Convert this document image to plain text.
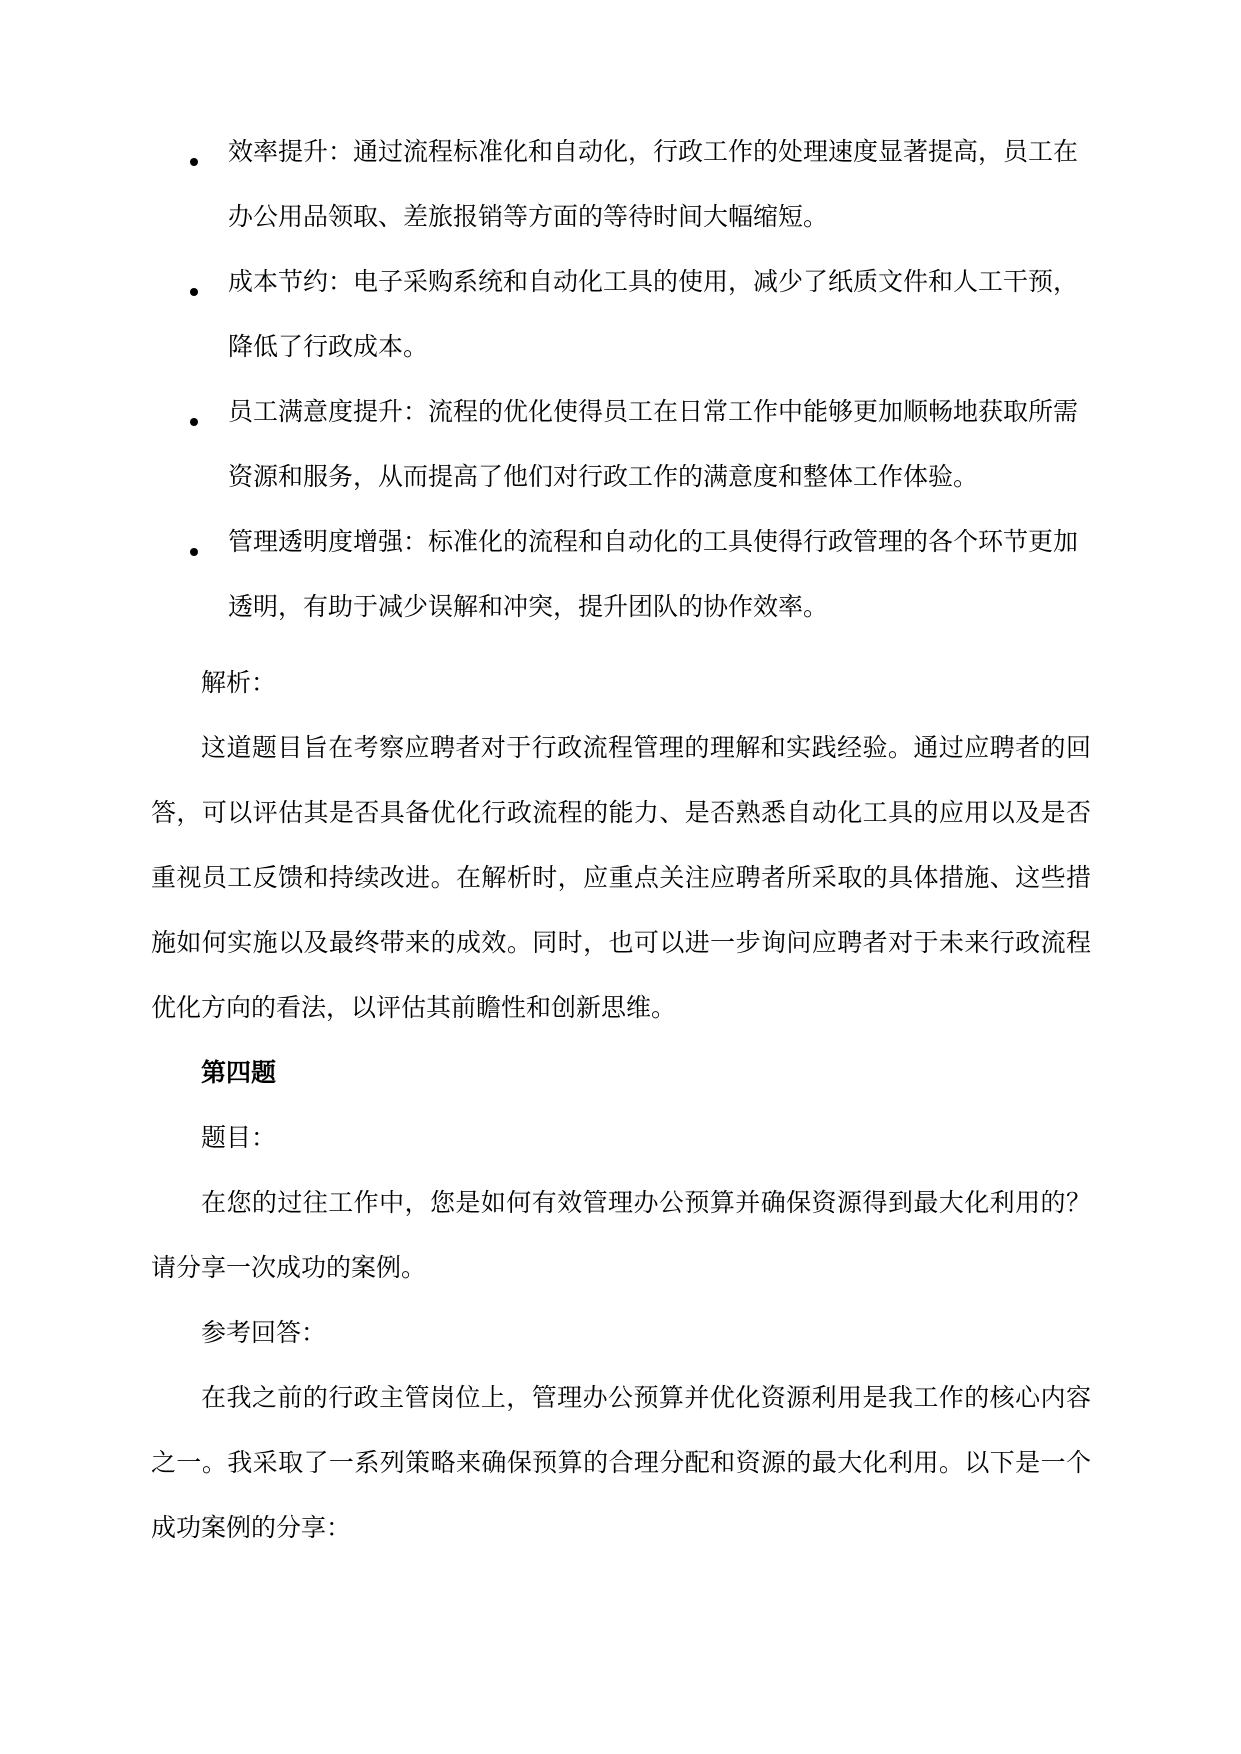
效率提升：通过流程标准化和自动化，行政工作的处理速度显著提高，员工在办公用品领取、差旅报销等方面的等待时间大幅缩短。

成本节约：电子采购系统和自动化工具的使用，减少了纸质文件和人工干预，降低了行政成本。

员工满意度提升：流程的优化使得员工在日常工作中能够更加顺畅地获取所需资源和服务，从而提高了他们对行政工作的满意度和整体工作体验。

管理透明度增强：标准化的流程和自动化的工具使得行政管理的各个环节更加透明，有助于减少误解和冲突，提升团队的协作效率。

解析：

这道题目旨在考察应聘者对于行政流程管理的理解和实践经验。通过应聘者的回答，可以评估其是否具备优化行政流程的能力、是否熟悉自动化工具的应用以及是否重视员工反馈和持续改进。在解析时，应重点关注应聘者所采取的具体措施、这些措施如何实施以及最终带来的成效。同时，也可以进一步询问应聘者对于未来行政流程优化方向的看法，以评估其前瞻性和创新思维。

第四题

题目：

在您的过往工作中，您是如何有效管理办公预算并确保资源得到最大化利用的？请分享一次成功的案例。

参考回答：

在我之前的行政主管岗位上，管理办公预算并优化资源利用是我工作的核心内容之一。我采取了一系列策略来确保预算的合理分配和资源的最大化利用。以下是一个成功案例的分享：
